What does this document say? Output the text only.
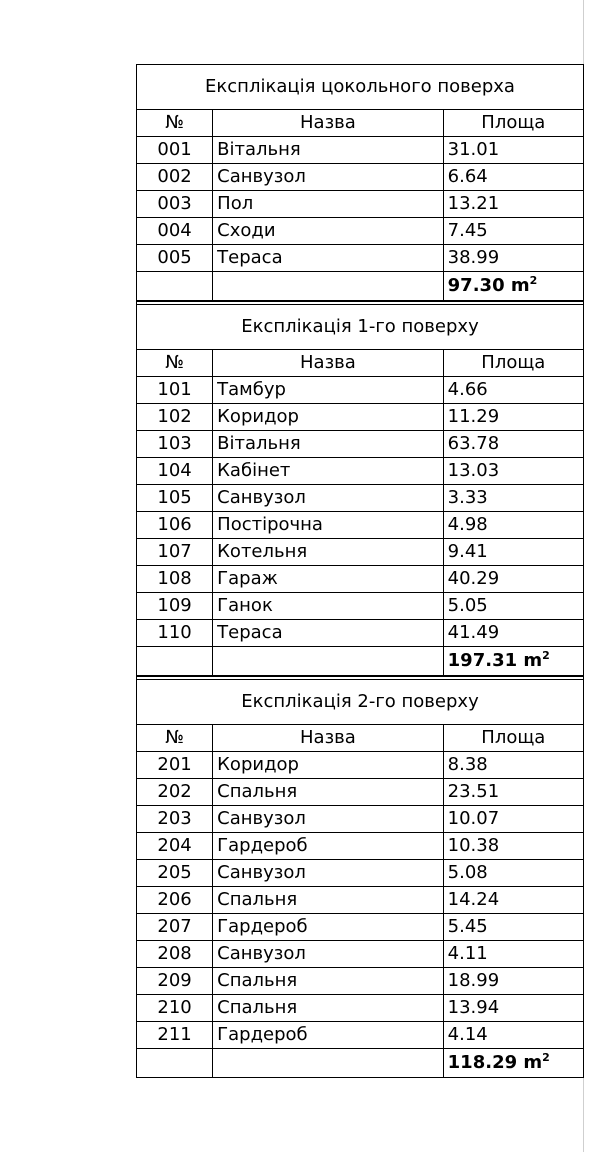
Експлікація цокольного поверха		
№	Назва	Площа
001	Вітальня	31.01
002	Санвузол	6.64
003	Пол	13.21
004	Сходи	7.45
005	Тераса	38.99
		97.30 $m^2$

Експлікація 1-го поверху		
№	Назва	Площа
101	Тамбур	4.66
102	Коридор	11.29
103	Вітальня	63.78
104	Кабінет	13.03
105	Санвузол	3.33
106	Постірочна	4.98
107	Котельня	9.41
108	Гараж	40.29
109	Ганок	5.05
110	Тераса	41.49
		197.31 $m^2$

Експлікація 2-го поверху		
№	Назва	Площа
201	Коридор	8.38
202	Спальня	23.51
203	Санвузол	10.07
204	Гардероб	10.38
205	Санвузол	5.08
206	Спальня	14.24
207	Гардероб	5.45
208	Санвузол	4.11
209	Спальня	18.99
210	Спальня	13.94
211	Гардероб	4.14
		118.29 $m^2$
